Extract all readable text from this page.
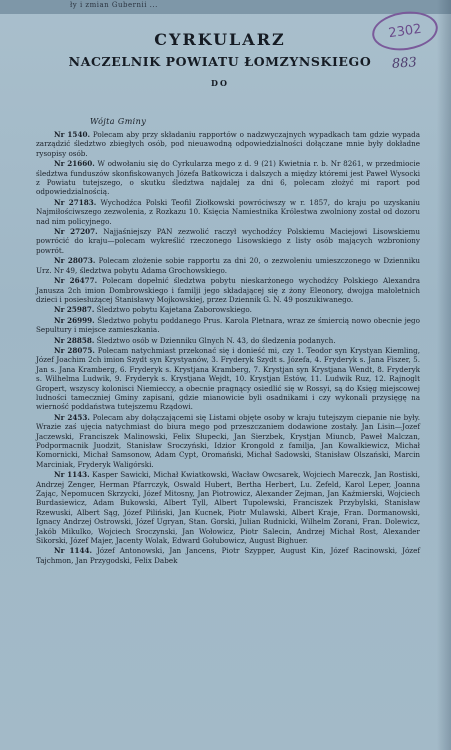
ły i zmian Gubernii ...
2302
883
CYRKULARZ
NACZELNIK POWIATU ŁOMZYNSKIEGO
DO
Wójta Gminy

Nr 1540. Polecam aby przy składaniu rapportów o nadzwyczajnych wypadkach tam gdzie wypada zarządzić śledztwo zbiegłych osób, pod nieuawodną odpowiedzialności dołączane mnie były dokładne rysopisy osób.

Nr 21660. W odwołaniu się do Cyrkularza mego z d. 9 (21) Kwietnia r. b. Nr 8261, w przedmiocie śledztwa funduszów skonfiskowanych Józefa Batkowicza i dalszych a między któremi jest Paweł Wysocki z Powiatu tutejszego, o skutku śledztwa najdalej za dni 6, polecam złożyć mi raport pod odpowiedzialnością.

Nr 27183. Wychodźca Polski Teofil Ziołkowski powróciwszy w r. 1857, do kraju po uzyskaniu Najmiłościwszego zezwolenia, z Rozkazu 10. Księcia Namiestnika Królestwa zwolniony został od dozoru nad nim policyjnego.

Nr 27207. Najjaśniejszy PAN zezwolić raczył wychodźcy Polskiemu Maciejowi Lisowskiemu powrócić do kraju—polecam wykreślić rzeczonego Lisowskiego z listy osób mających wzbroniony powrót.

Nr 28073. Polecam złożenie sobie rapportu za dni 20, o zezwoleniu umieszczonego w Dzienniku Urz. Nr 49, śledztwa pobytu Adama Grochowskiego.

Nr 26477. Polecam dopełnić śledztwa pobytu nieskarżonego wychodźcy Polskiego Alexandra Janusza 2ch imion Dombrowskiego i familji jego składającej się z żony Eleonory, dwojga małoletnich dzieci i posiesłużącej Stanisławy Mojkowskiej, przez Dziennik G. N. 49 poszukiwanego.

Nr 25987. Śledztwo pobytu Kajetana Zaborowskiego.

Nr 26999. Śledztwo pobytu poddanego Prus. Karola Pletnara, wraz ze śmiercią nowo obecnie jego Sepultury i miejsce zamieszkania.

Nr 28858. Śledztwo osób w Dzienniku Glnych N. 43, do śledzenia podanych.

Nr 28075. Polecam natychmiast przekonać się i donieść mi, czy 1. Teodor syn Krystyan Kiemling, Józef Joachim 2ch imion Szydt syn Krystyanów, 3. Fryderyk Szydt s. Józefa, 4. Fryderyk s. Jana Fiszer, 5. Jan s. Jana Kramberg, 6. Fryderyk s. Krystjana Kramberg, 7. Krystjan syn Krystjana Wendt, 8. Fryderyk s. Wilhelma Ludwik, 9. Fryderyk s. Krystjana Wejdt, 10. Krystjan Estów, 11. Ludwik Ruz, 12. Rajnoglt Gropert, wszyscy kolonisci Niemieccy, a obecnie pragnący osiedlić się w Rossyi, są do Księg miejscowej ludności tameczniej Gminy zapisani, gdzie mianowicie byli osadnikami i czy wykonali przysięgę na wierność poddaństwa tutejszemu Rządowi.

Nr 2453. Polecam aby dołączającemi się Listami objęte osoby w kraju tutejszym ciepanie nie były. Wrazie zaś ujęcia natychmiast do biura mego pod przeszczaniem dodawione zostały. Jan Lisin—Jozef Jaczewski, Franciszek Malinowski, Felix Słupecki, Jan Sierzbek, Krystjan Miuncb, Paweł Malczan, Podpormacnik Juodzit, Stanisław Sroczyński, Idzior Krongold z familja, Jan Kowalkiewicz, Michał Komornicki, Michał Samsonow, Adam Cypt, Oromański, Michał Sadowski, Stanisław Olszański, Marcin Marciniak, Fryderyk Waligórski.

Nr 1143. Kasper Sawicki, Michał Kwiatkowski, Wacław Owcsarek, Wojciech Mareczk, Jan Rostiski, Andrzej Zenger, Herman Pfarrczyk, Oswald Hubert, Bertha Herbert, Lu. Zefeld, Karol Leper, Joanna Zając, Nepomucen Skrzycki, Józef Mitosny, Jan Piotrowicz, Alexander Zejman, Jan Kaźmierski, Wojciech Burdasiewicz, Adam Bukowski, Albert Tyll, Albert Tupolewski, Franciszek Przybylski, Stanisław Rzewuski, Albert Sąg, Józef Piliński, Jan Kucnek, Piotr Mulawski, Albert Kraje, Fran. Dormanowski, Ignacy Andrzej Ostrowski, Józef Ugryan, Stan. Gorski, Julian Rudnicki, Wilhelm Zorani, Fran. Dolewicz, Jakób Mikulko, Wojciech Sroczynski, Jan Wołowicz, Piotr Salecin, Andrzej Michał Rost, Alexander Sikorski, Józef Majer, Jacenty Wolak, Edward Gołubowicz, August Bighuer.

Nr 1144. Józef Antonowski, Jan Jancens, Piotr Szypper, August Kin, Józef Racinowski, Józef Tajchmon, Jan Przygodski, Felix Dabek
